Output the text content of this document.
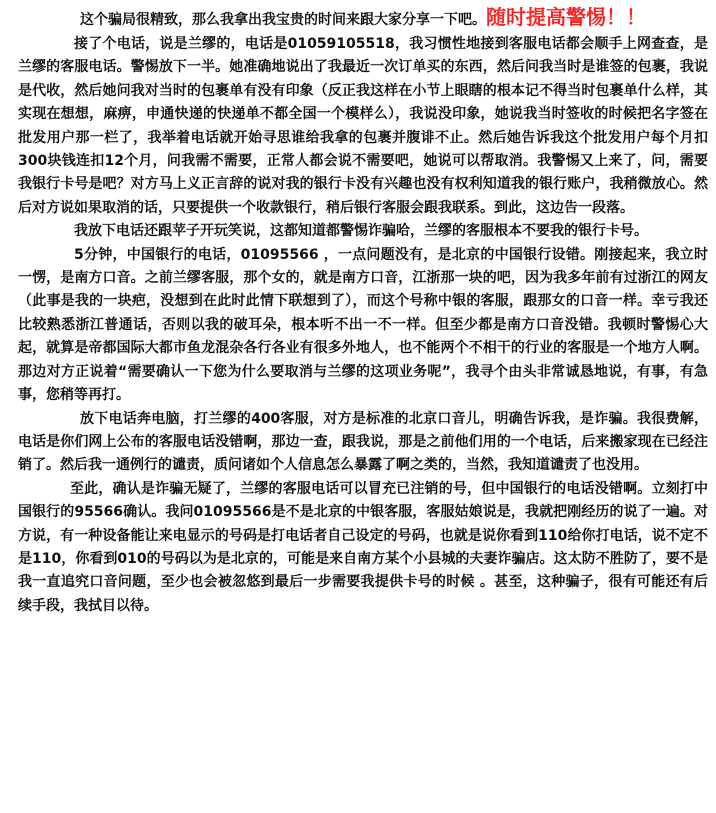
这个骗局很精致，那么我拿出我宝贵的时间来跟大家分享一下吧。随时提高警惕！！

接了个电话，说是兰缪的，电话是01059105518，我习惯性地接到客服电话都会顺手上网查查，是兰缪的客服电话。警惕放下一半。她准确地说出了我最近一次订单买的东西，然后问我当时是谁签的包裹，我说是代收，然后她问我对当时的包裹单有没有印象（反正我这样在小节上眼瞎的根本记不得当时包裹单什么样，其实现在想想，麻痹，申通快递的快递单不都全国一个模样么），我说没印象，她说我当时签收的时候把名字签在批发用户那一栏了，我举着电话就开始寻思谁给我拿的包裹并腹诽不止。然后她告诉我这个批发用户每个月扣300块钱连扣12个月，问我需不需要，正常人都会说不需要吧，她说可以帮取消。我警惕又上来了，问，需要我银行卡号是吧？对方马上义正言辞的说对我的银行卡没有兴趣也没有权利知道我的银行账户，我稍微放心。然后对方说如果取消的话，只要提供一个收款银行，稍后银行客服会跟我联系。到此，这边告一段落。

我放下电话还跟苹子开玩笑说，这都知道都警惕诈骗哈，兰缪的客服根本不要我的银行卡号。

5分钟，中国银行的电话，01095566 ，一点问题没有，是北京的中国银行设错。刚接起来，我立时一愣，是南方口音。之前兰缪客服，那个女的，就是南方口音，江浙那一块的吧，因为我多年前有过浙江的网友（此事是我的一块疤，没想到在此时此情下联想到了），而这个号称中银的客服，跟那女的口音一样。幸亏我还比较熟悉浙江普通话，否则以我的破耳朵，根本听不出一不一样。但至少都是南方口音没错。我顿时警惕心大起，就算是帝都国际大都市鱼龙混杂各行各业有很多外地人，也不能两个不相干的行业的客服是一个地方人啊。那边对方正说着“需要确认一下您为什么要取消与兰缪的这项业务呢”，我寻个由头非常诚恳地说，有事，有急事，您稍等再打。

放下电话奔电脑，打兰缪的400客服，对方是标准的北京口音儿，明确告诉我，是诈骗。我很费解，电话是你们网上公布的客服电话没错啊，那边一查，跟我说，那是之前他们用的一个电话，后来搬家现在已经注销了。然后我一通例行的谴责，质问诸如个人信息怎么暴露了啊之类的，当然，我知道谴责了也没用。

至此，确认是诈骗无疑了，兰缪的客服电话可以冒充已注销的号，但中国银行的电话没错啊。立刻打中国银行的95566确认。我问01095566是不是北京的中银客服，客服姑娘说是，我就把刚经历的说了一遍。对方说，有一种设备能让来电显示的号码是打电话者自己设定的号码，也就是说你看到110给你打电话，说不定不是110，你看到010的号码以为是北京的，可能是来自南方某个小县城的夫妻诈骗店。这太防不胜防了，要不是我一直追究口音问题，至少也会被忽悠到最后一步需要我提供卡号的时候 。甚至，这种骗子，很有可能还有后续手段，我拭目以待。
